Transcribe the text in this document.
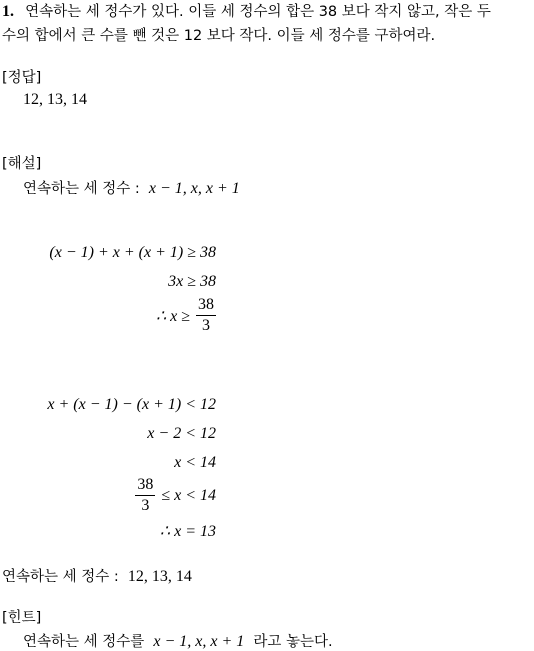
1. 연속하는 세 정수가 있다. 이들 세 정수의 합은 38 보다 작지 않고, 작은 두
수의 합에서 큰 수를 뺀 것은 12 보다 작다. 이들 세 정수를 구하여라.
[정답]
12, 13, 14
[해설]
연속하는 세 정수 : x − 1, x, x + 1
(x − 1) + x + (x + 1) ≥ 38
3x ≥ 38
∴ $x \ge \frac{38}{3}$
x + (x − 1) − (x + 1) < 12
x − 2 < 12
x < 14
$\frac{38}{3} \le x < 14$
∴ x = 13
연속하는 세 정수 : 12, 13, 14
[힌트]
연속하는 세 정수를 x − 1, x, x + 1 라고 놓는다.
